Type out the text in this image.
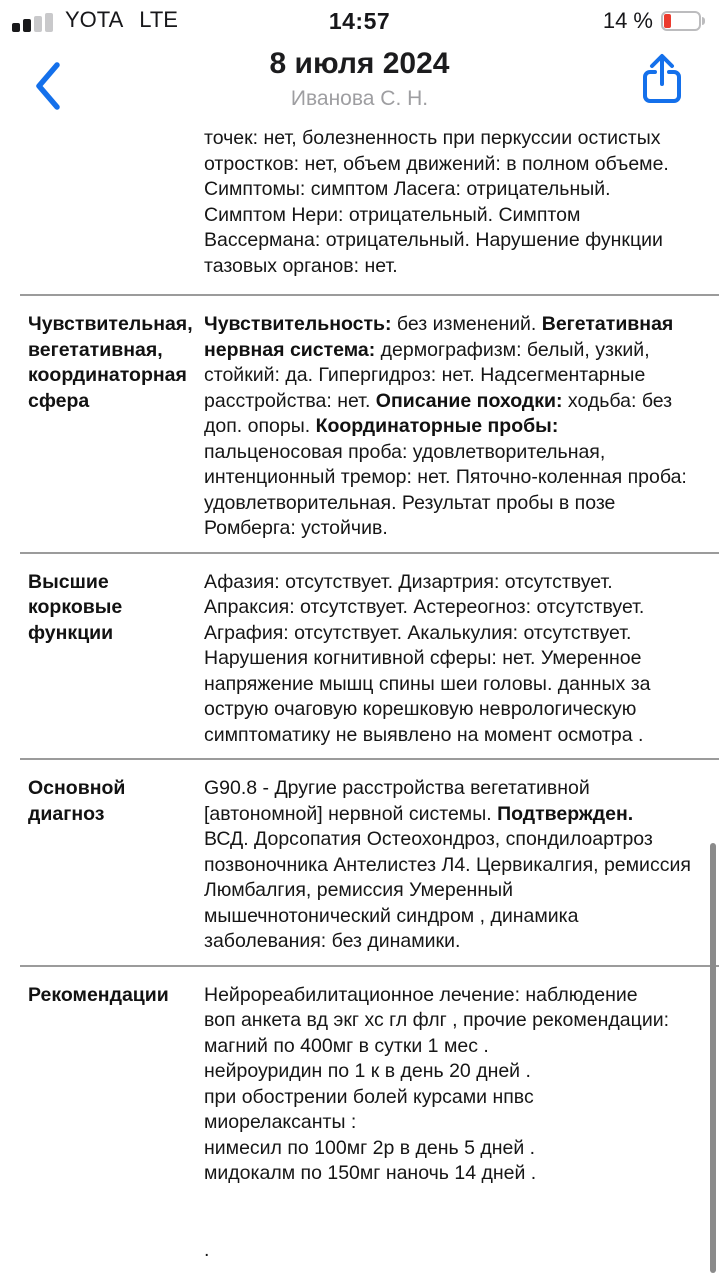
YOTA LTE	14:57	14 %
8 июля 2024
Иванова С. Н.
точек: нет, болезненность при перкуссии остистых отростков: нет, объем движений: в полном объеме. Симптомы: симптом Ласега: отрицательный. Симптом Нери: отрицательный. Симптом Вассермана: отрицательный. Нарушение функции тазовых органов: нет.
Чувствительная, вегетативная, координаторная сфера
Чувствительность: без изменений. Вегетативная нервная система: дермографизм: белый, узкий, стойкий: да. Гипергидроз: нет. Надсегментарные расстройства: нет. Описание походки: ходьба: без доп. опоры. Координаторные пробы: пальценосовая проба: удовлетворительная, интенционный тремор: нет. Пяточно-коленная проба: удовлетворительная. Результат пробы в позе Ромберга: устойчив.
Высшие корковые функции
Афазия: отсутствует. Дизартрия: отсутствует. Апраксия: отсутствует. Астереогноз: отсутствует. Аграфия: отсутствует. Акалькулия: отсутствует. Нарушения когнитивной сферы: нет. Умеренное напряжение мышц спины шеи головы. данных за острую очаговую корешковую неврологическую симптоматику не выявлено на момент осмотра .
Основной диагноз
G90.8 - Другие расстройства вегетативной [автономной] нервной системы. Подтвержден.
ВСД. Дорсопатия Остеохондроз, спондилоартроз позвоночника Антелистез Л4. Цервикалгия, ремиссия Люмбалгия, ремиссия Умеренный мышечнотонический синдром , динамика заболевания: без динамики.
Рекомендации	Нейрореабилитационное лечение: наблюдение
воп анкета вд экг хс гл флг , прочие рекомендации:
магний по 400мг в сутки 1 мес .
нейроуридин по 1 к в день 20 дней .
при обострении болей курсами нпвс
миорелаксанты :
нимесил по 100мг 2р в день 5 дней .
мидокалм по 150мг наночь 14 дней .

.
